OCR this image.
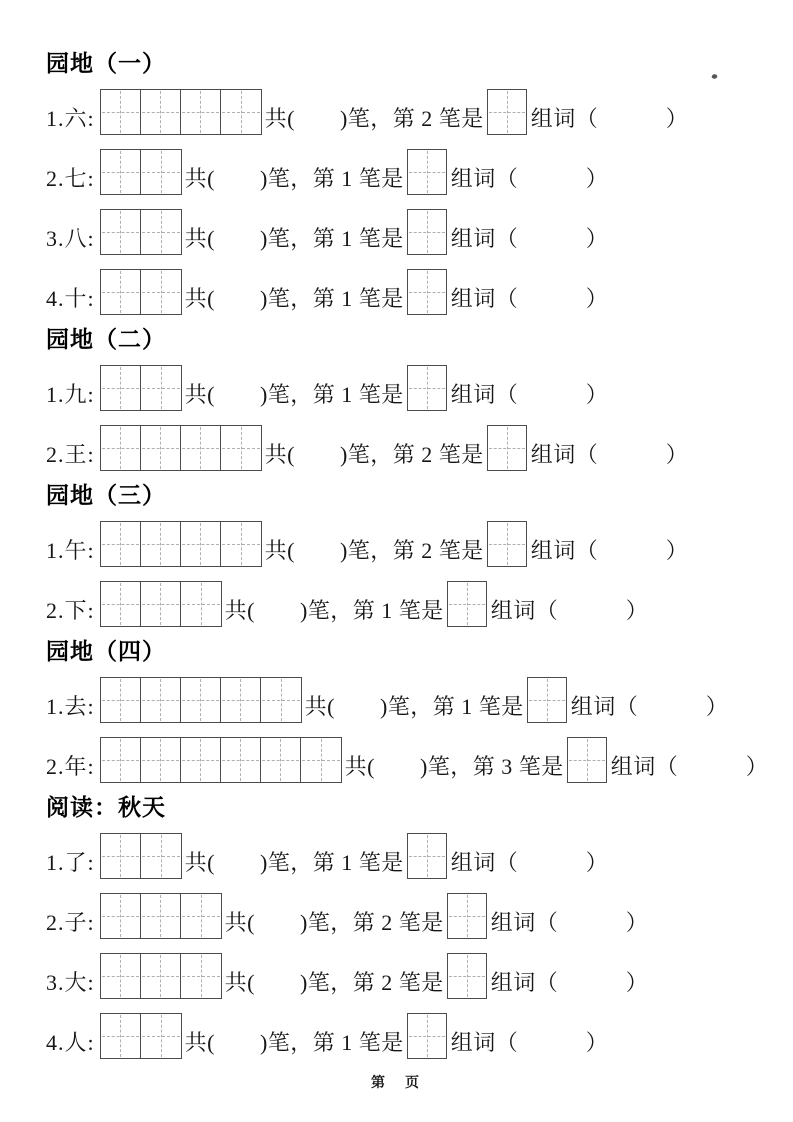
园地（一）
1.六:	共(　　)笔，第 2 笔是 组词（　　　）
2.七:	共(　　)笔，第 1 笔是 组词（　　　）
3.八:	共(　　)笔，第 1 笔是 组词（　　　）
4.十:	共(　　)笔，第 1 笔是 组词（　　　）
园地（二）
1.九:	共(　　)笔，第 1 笔是 组词（　　　）
2.王:	共(　　)笔，第 2 笔是 组词（　　　）
园地（三）
1.午:	共(　　)笔，第 2 笔是 组词（　　　）
2.下:	共(　　)笔，第 1 笔是 组词（　　　）
园地（四）
1.去:	共(　　)笔，第 1 笔是 组词（　　　）
2.年:	共(　　)笔，第 3 笔是 组词（　　　）
阅读：秋天
1.了:	共(　　)笔，第 1 笔是 组词（　　　）
2.子:	共(　　)笔，第 2 笔是 组词（　　　）
3.大:	共(　　)笔，第 2 笔是 组词（　　　）
4.人:	共(　　)笔，第 1 笔是 组词（　　　）
第　页
